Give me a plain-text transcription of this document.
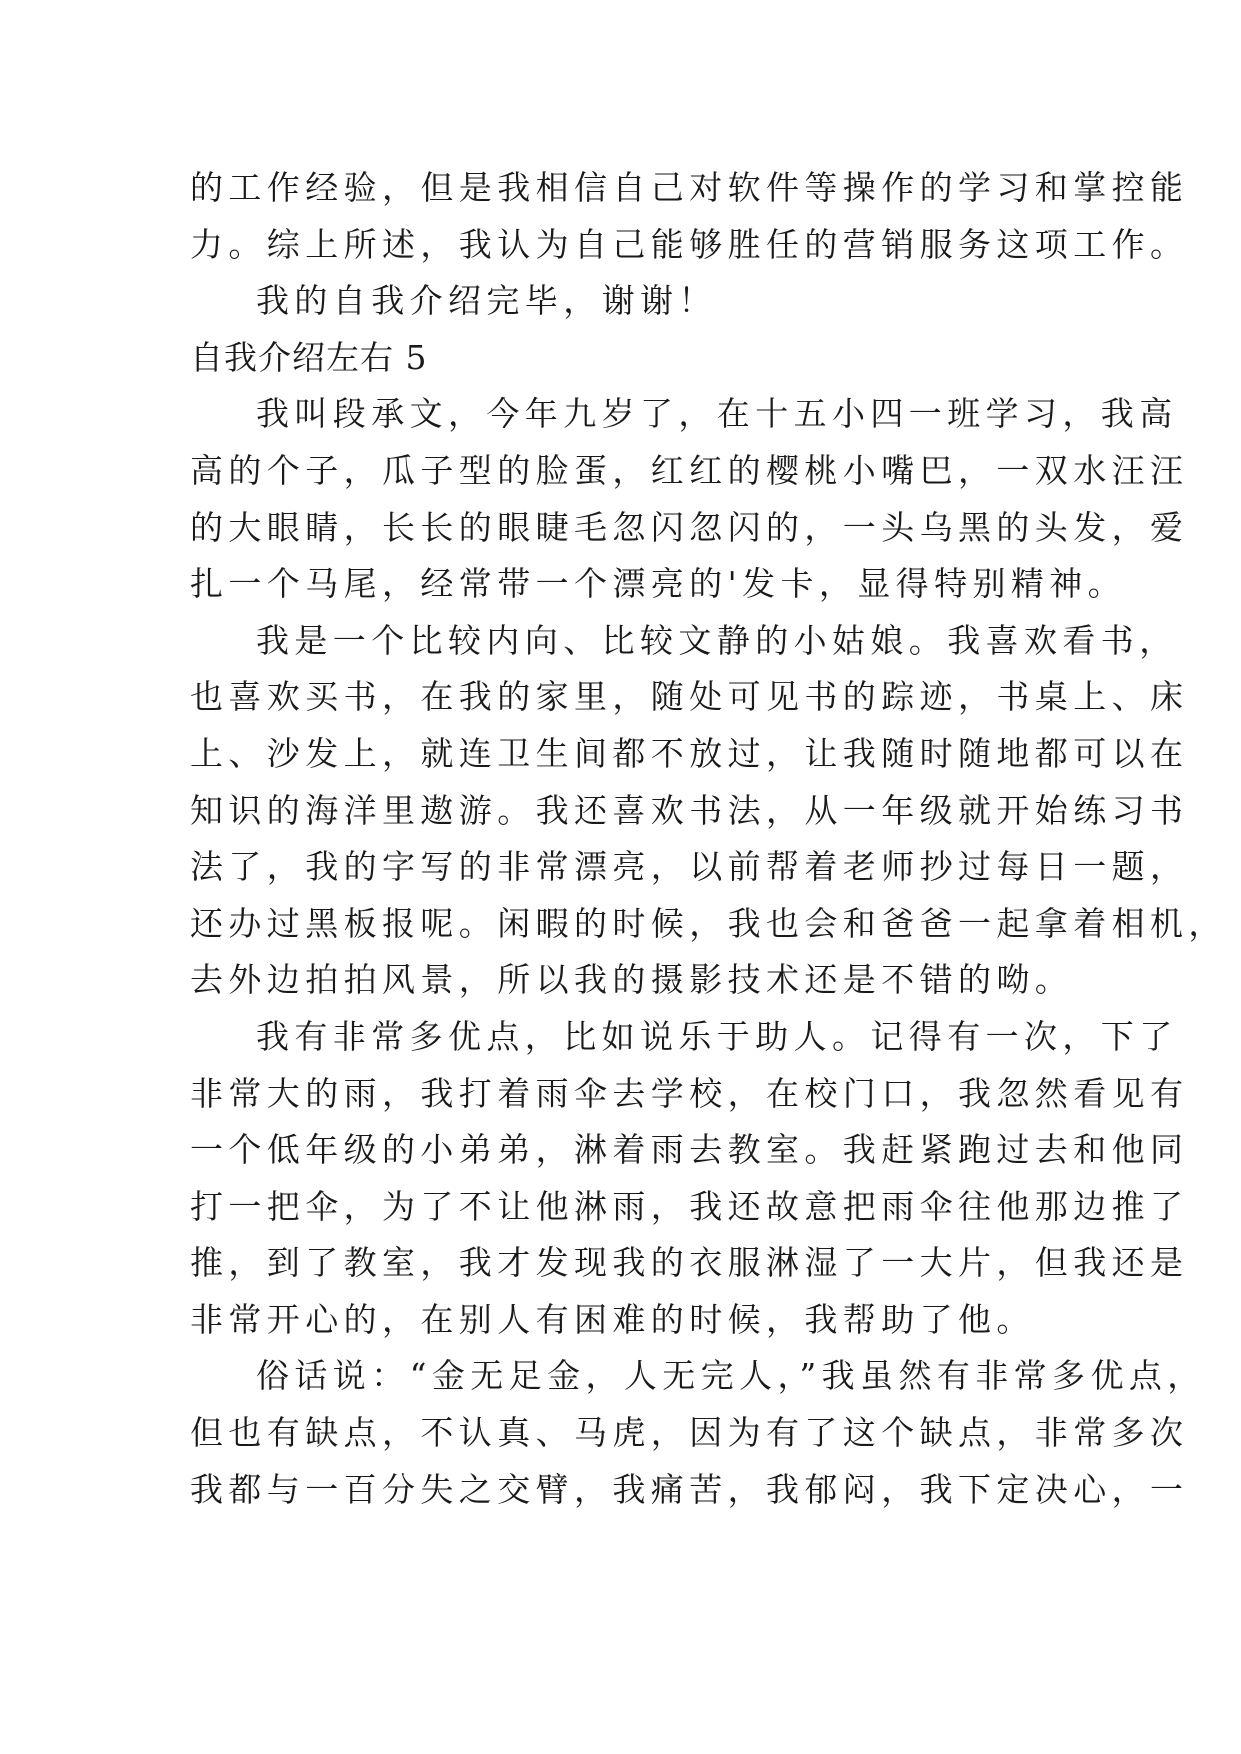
的工作经验，但是我相信自己对软件等操作的学习和掌控能
力。综上所述，我认为自己能够胜任的营销服务这项工作。
我的自我介绍完毕，谢谢！
自我介绍左右 5
我叫段承文，今年九岁了，在十五小四一班学习，我高
高的个子，瓜子型的脸蛋，红红的樱桃小嘴巴，一双水汪汪
的大眼睛，长长的眼睫毛忽闪忽闪的，一头乌黑的头发，爱
扎一个马尾，经常带一个漂亮的'发卡，显得特别精神。
我是一个比较内向、比较文静的小姑娘。我喜欢看书，
也喜欢买书，在我的家里，随处可见书的踪迹，书桌上、床
上、沙发上，就连卫生间都不放过，让我随时随地都可以在
知识的海洋里遨游。我还喜欢书法，从一年级就开始练习书
法了，我的字写的非常漂亮，以前帮着老师抄过每日一题，
还办过黑板报呢。闲暇的时候，我也会和爸爸一起拿着相机，
去外边拍拍风景，所以我的摄影技术还是不错的呦。
我有非常多优点，比如说乐于助人。记得有一次，下了
非常大的雨，我打着雨伞去学校，在校门口，我忽然看见有
一个低年级的小弟弟，淋着雨去教室。我赶紧跑过去和他同
打一把伞，为了不让他淋雨，我还故意把雨伞往他那边推了
推，到了教室，我才发现我的衣服淋湿了一大片，但我还是
非常开心的，在别人有困难的时候，我帮助了他。
俗话说：“金无足金，人无完人，”我虽然有非常多优点，
但也有缺点，不认真、马虎，因为有了这个缺点，非常多次
我都与一百分失之交臂，我痛苦，我郁闷，我下定决心，一
